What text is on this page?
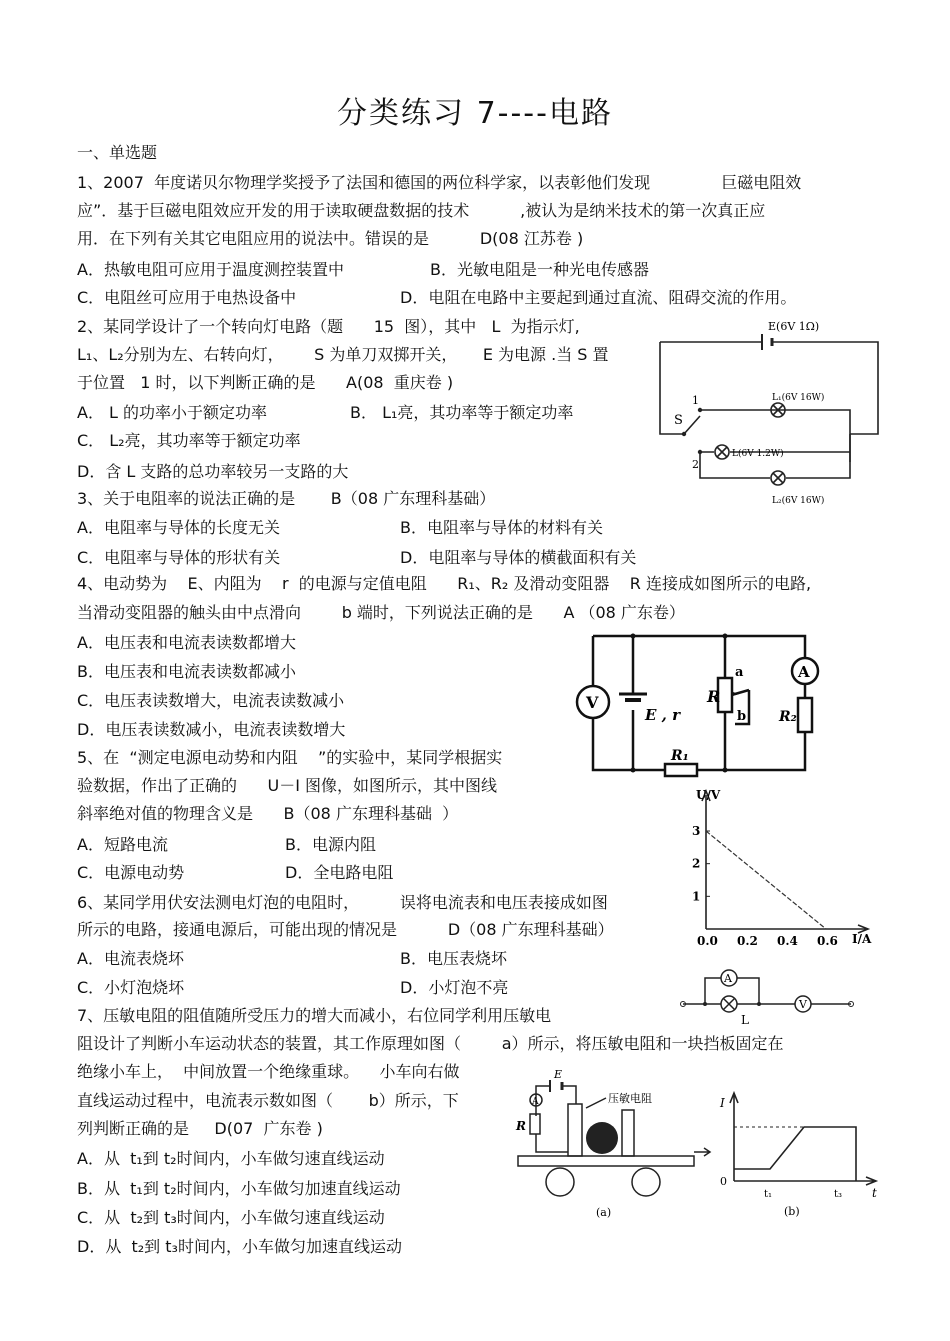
分类练习 7----电路
一、单选题
1、2007  年度诺贝尔物理学奖授予了法国和德国的两位科学家，以表彰他们发现              巨磁电阻效
应”．基于巨磁电阻效应开发的用于读取硬盘数据的技术          ,被认为是纳米技术的第一次真正应
用．在下列有关其它电阻应用的说法中。错误的是          D(08 江苏卷 )
A．热敏电阻可应用于温度测控装置中	B．光敏电阻是一种光电传感器
C．电阻丝可应用于电热设备中	D．电阻在电路中主要起到通过直流、阻碍交流的作用。
2、某同学设计了一个转向灯电路（题      15  图），其中   L  为指示灯,
L₁、L₂分别为左、右转向灯，      S 为单刀双掷开关，     E 为电源 .当 S 置
于位置   1 时，以下判断正确的是      A(08  重庆卷 )
A． L 的功率小于额定功率	B． L₁亮，其功率等于额定功率
C． L₂亮，其功率等于额定功率
D．含 L 支路的总功率较另一支路的大
E(6V 1Ω)
L₁(6V 16W)
L(6V 1.2W)
L₂(6V 16W)
S
1
2
3、关于电阻率的说法正确的是       B（08 广东理科基础）
A．电阻率与导体的长度无关	B．电阻率与导体的材料有关
C．电阻率与导体的形状有关	D．电阻率与导体的横截面积有关
4、电动势为    E、内阻为    r  的电源与定值电阻      R₁、R₂ 及滑动变阻器    R 连接成如图所示的电路,
当滑动变阻器的触头由中点滑向        b 端时，下列说法正确的是      A （08 广东卷）
A．电压表和电流表读数都增大
B．电压表和电流表读数都减小
C．电压表读数增大，电流表读数减小
D．电压表读数减小，电流表读数增大
V
A
E , r
R
R₁
R₂
a
b
5、在  “测定电源电动势和内阻    ”的实验中，某同学根据实
验数据，作出了正确的      U－I 图像，如图所示，其中图线
斜率绝对值的物理含义是      B（08 广东理科基础  ）
A．短路电流	B．电源内阻
C．电源电动势	D．全电路电阻
U/V
I/A
0.0 0.2 0.4 0.6
1
2
3
6、某同学用伏安法测电灯泡的电阻时，        误将电流表和电压表接成如图
所示的电路，接通电源后，可能出现的情况是          D（08 广东理科基础）
A．电流表烧坏	B．电压表烧坏
C．小灯泡烧坏	D．小灯泡不亮	A
V
L
7、压敏电阻的阻值随所受压力的增大而减小，右位同学利用压敏电
阻设计了判断小车运动状态的装置，其工作原理如图（        a）所示，将压敏电阻和一块挡板固定在
绝缘小车上，  中间放置一个绝缘重球。    小车向右做
直线运动过程中，电流表示数如图（       b）所示，下
列判断正确的是     D(07  广东卷 )
A．从  t₁到 t₂时间内，小车做匀速直线运动
B．从  t₁到 t₂时间内，小车做匀加速直线运动
C．从  t₂到 t₃时间内，小车做匀速直线运动
D．从  t₂到 t₃时间内，小车做匀加速直线运动
E
A
R
压敏电阻
(a)
I
t
0
t₁	t₃
(b)
